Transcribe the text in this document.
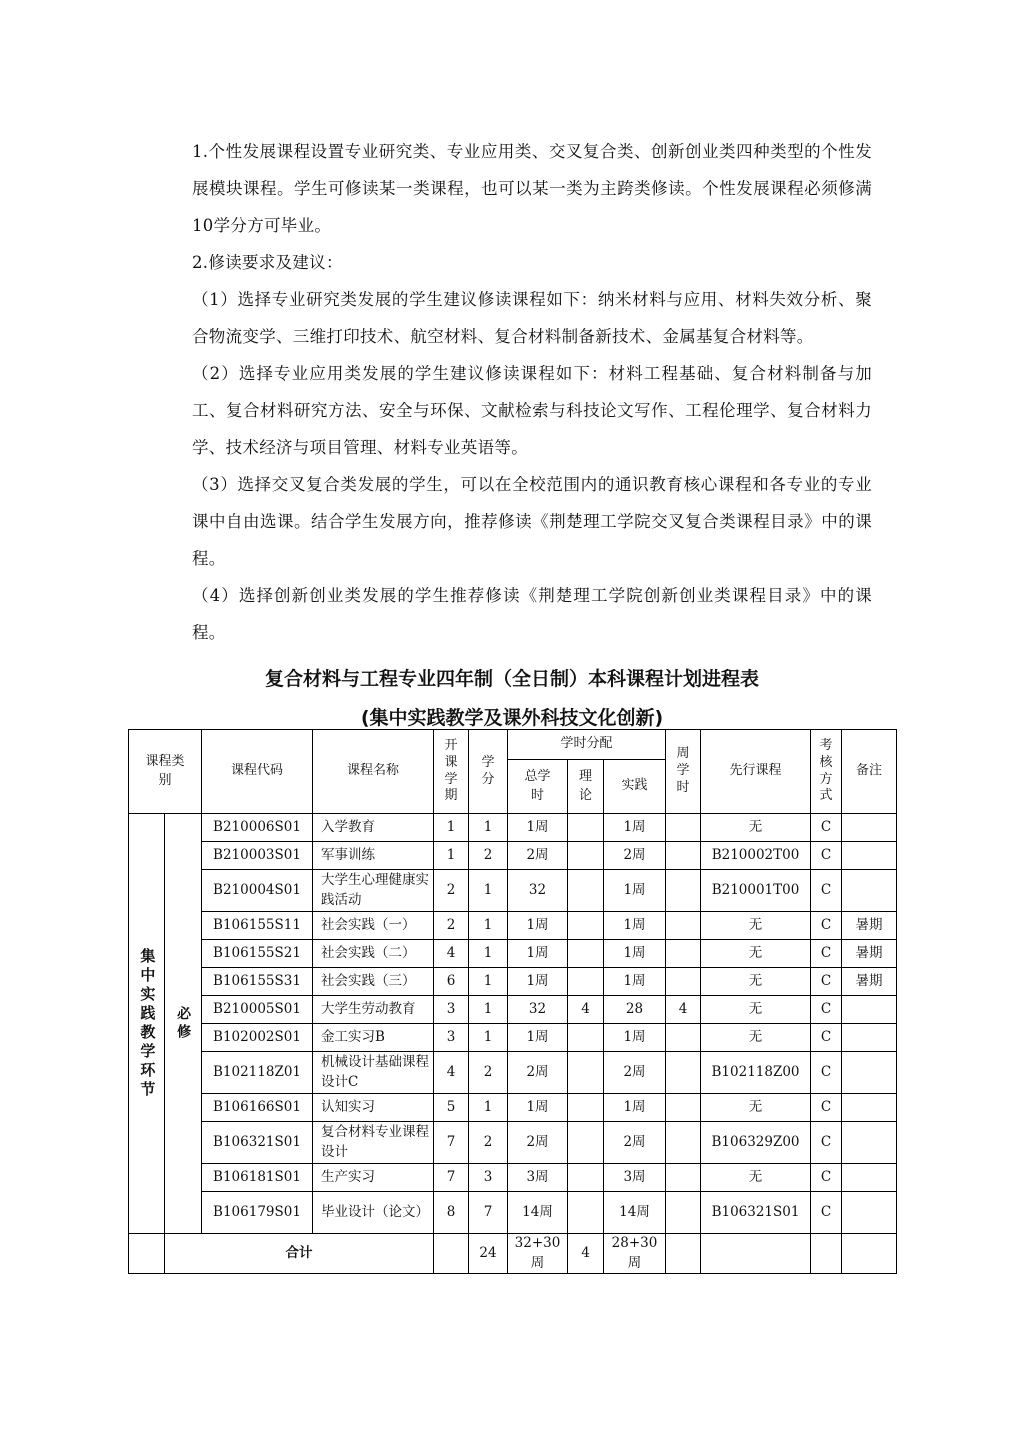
1.个性发展课程设置专业研究类、专业应用类、交叉复合类、创新创业类四种类型的个性发展模块课程。学生可修读某一类课程，也可以某一类为主跨类修读。个性发展课程必须修满10学分方可毕业。

2.修读要求及建议：

（1）选择专业研究类发展的学生建议修读课程如下：纳米材料与应用、材料失效分析、聚合物流变学、三维打印技术、航空材料、复合材料制备新技术、金属基复合材料等。

（2）选择专业应用类发展的学生建议修读课程如下：材料工程基础、复合材料制备与加工、复合材料研究方法、安全与环保、文献检索与科技论文写作、工程伦理学、复合材料力学、技术经济与项目管理、材料专业英语等。

（3）选择交叉复合类发展的学生，可以在全校范围内的通识教育核心课程和各专业的专业课中自由选课。结合学生发展方向，推荐修读《荆楚理工学院交叉复合类课程目录》中的课程。

（4）选择创新创业类发展的学生推荐修读《荆楚理工学院创新创业类课程目录》中的课程。

复合材料与工程专业四年制（全日制）本科课程计划进程表
(集中实践教学及课外科技文化创新)
课程类别		课程代码	课程名称	开课学期	学分	学时分配			周学时	先行课程	考核方式	备注

						总学时	理论	实践				

集中实践教学环节	必修	B210006S01	入学教育	1	1	1周		1周		无	C	
		B210003S01	军事训练	1	2	2周		2周		B210002T00	C	
		B210004S01	大学生心理健康实践活动	2	1	32		1周		B210001T00	C	
		B106155S11	社会实践（一）	2	1	1周		1周		无	C	暑期
		B106155S21	社会实践（二）	4	1	1周		1周		无	C	暑期
		B106155S31	社会实践（三）	6	1	1周		1周		无	C	暑期
		B210005S01	大学生劳动教育	3	1	32	4	28	4	无	C	
		B102002S01	金工实习B	3	1	1周		1周		无	C	
		B102118Z01	机械设计基础课程设计C	4	2	2周		2周		B102118Z00	C	
		B106166S01	认知实习	5	1	1周		1周		无	C	
		B106321S01	复合材料专业课程设计	7	2	2周		2周		B106329Z00	C	
		B106181S01	生产实习	7	3	3周		3周		无	C	
		B106179S01	毕业设计（论文）	8	7	14周		14周		B106321S01	C	
	合计				24	32+30周	4	28+30周				
